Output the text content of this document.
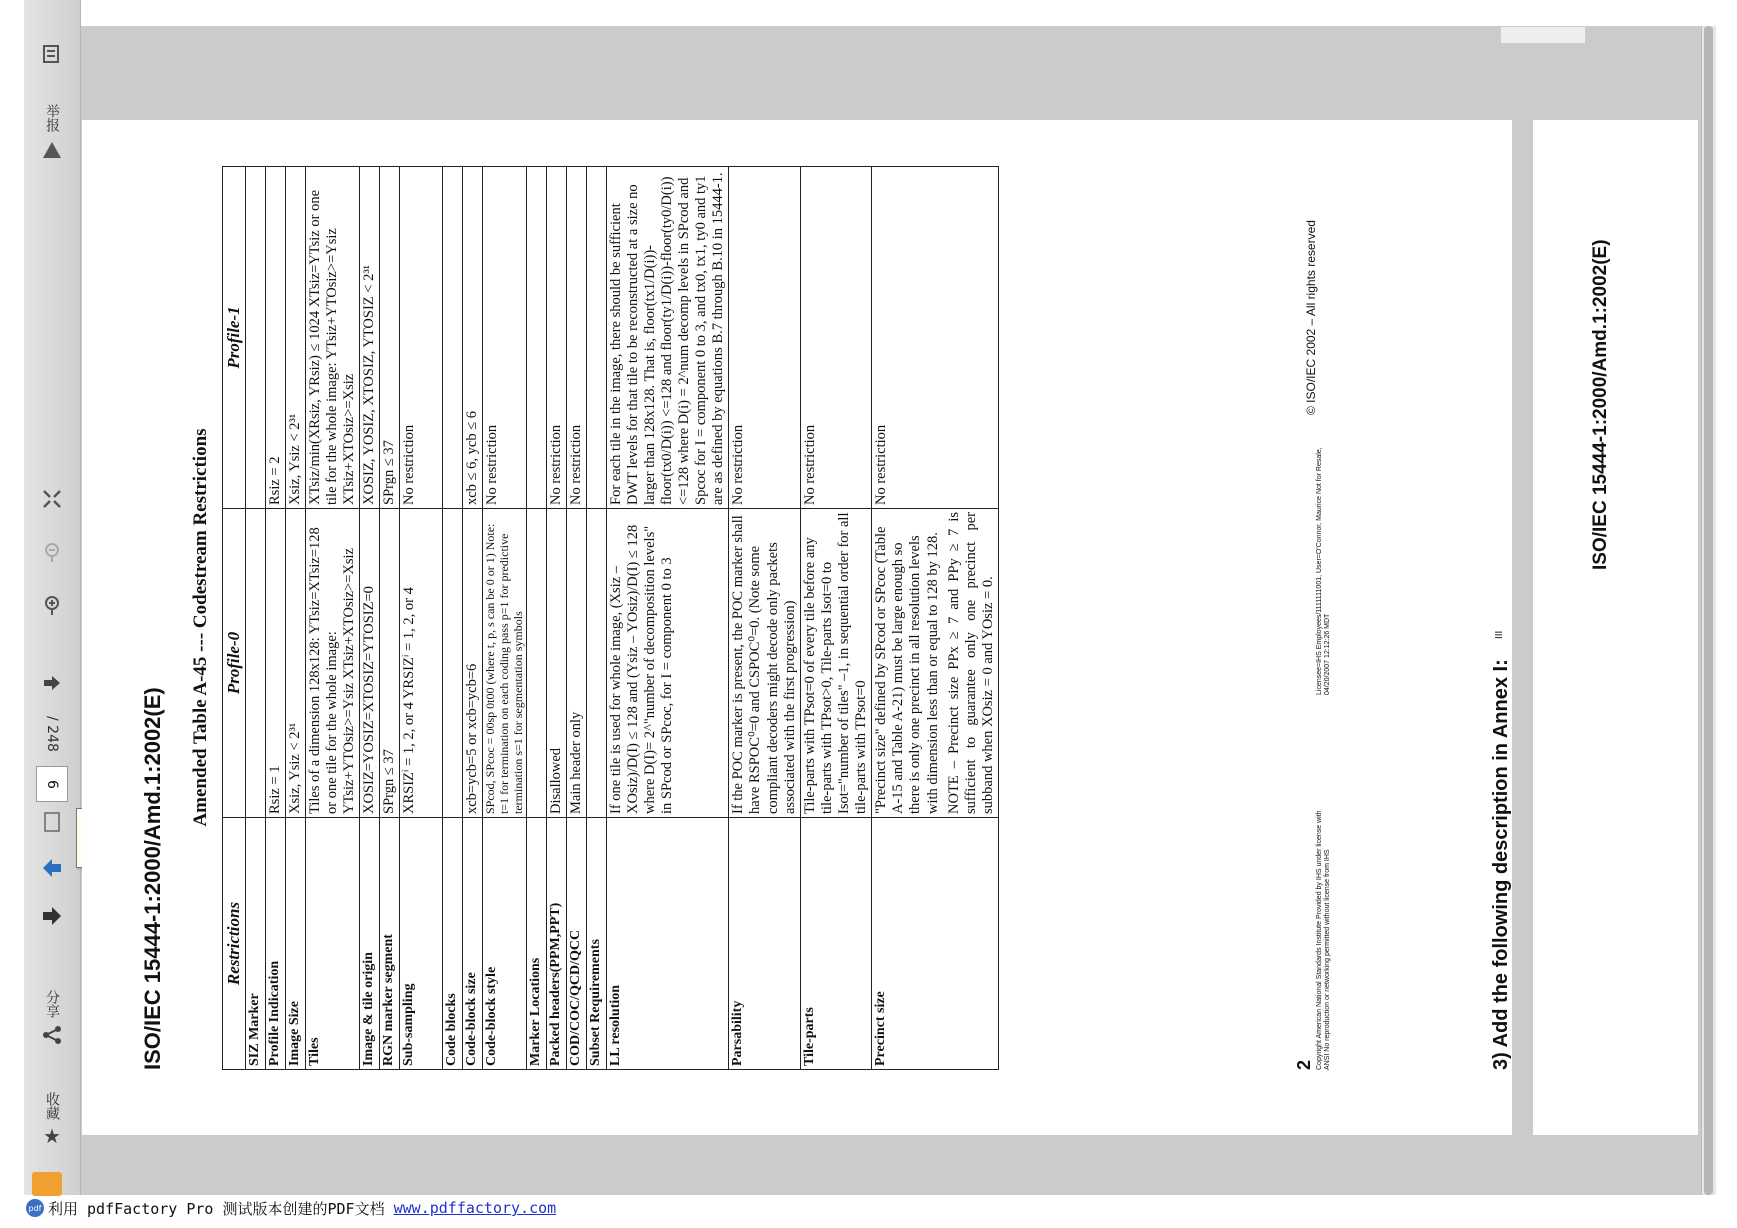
举报
/ 248
6
分享
收藏
★
ISO/IEC 15444-1:2000/Amd.1:2002(E)
Amended Table A-45 --- Codestream Restrictions
Restrictions	Profile-0	Profile-1
SIZ Marker		
Profile Indication	Rsiz = 1	Rsiz = 2
Image Size	Xsiz, Ysiz < 2³¹	Xsiz, Ysiz < 2³¹
Tiles	Tiles of a dimension 128x128: YTsiz=XTsiz=128 or one tile for the whole image: YTsiz+YTOsiz>=Ysiz XTsiz+XTOsiz>=Xsiz	XTsiz/min(XRsiz, YRsiz) ≤ 1024 XTsiz=YTsiz or one tile for the whole image: YTsiz+YTOsiz>=Ysiz XTsiz+XTOsiz>=Xsiz
Image & tile origin	XOSIZ=YOSIZ=XTOSIZ=YTOSIZ=0	XOSIZ, YOSIZ, XTOSIZ, YTOSIZ < 2³¹
RGN marker segment	SPrgn ≤ 37	SPrgn ≤ 37
Sub-sampling	XRSIZⁱ = 1, 2, or 4 YRSIZⁱ = 1, 2, or 4	No restriction
Code blocks		
Code-block size	xcb=ycb=5 or xcb=ycb=6	xcb ≤ 6, ycb ≤ 6
Code-block style	SPcod, SPcoc = 00sp 0t00 (where t, p, s can be 0 or 1) Note: t=1 for termination on each coding pass p=1 for predictive termination s=1 for segmentation symbols	No restriction
Marker Locations		
Packed headers(PPM,PPT)	Disallowed	No restriction
COD/COC/QCD/QCC	Main header only	No restriction
Subset Requirements		
LL resolution	If one tile is used for whole image, (Xsiz – XOsiz)/D(I) ≤ 128 and (Ysiz – YOsiz)/D(I) ≤ 128 where D(I)= 2^"number of decomposition levels" in SPcod or SPcoc, for I = component 0 to 3	For each tile in the image, there should be sufficient DWT levels for that tile to be reconstructed at a size no larger than 128x128. That is, floor(tx1/D(i))-floor(tx0/D(i)) <=128 and floor(ty1/D(i))-floor(ty0/D(i)) <=128 where D(i) = 2^num decomp levels in SPcod and Spcoc for I = component 0 to 3, and tx0, tx1, ty0 and ty1 are as defined by equations B.7 through B.10 in 15444-1.
Parsability	If the POC marker is present, the POC marker shall have RSPOC⁰=0 and CSPOC⁰=0. (Note some compliant decoders might decode only packets associated with the first progression)	No restriction
Tile-parts	Tile-parts with TPsot=0 of every tile before any tile-parts with TPsot>0, Tile-parts Isot=0 to Isot="number of tiles" –1, in sequential order for all tile-parts with TPsot=0	No restriction
Precinct size	"Precinct size" defined by SPcod or SPcoc (Table A-15 and Table A-21) must be large enough so there is only one precinct in all resolution levels with dimension less than or equal to 128 by 128. NOTE – Precinct size PPx ≥ 7 and PPy ≥ 7 is sufficient to guarantee only one precinct per subband when XOsiz = 0 and YOsiz = 0.	No restriction
2 Copyright American National Standards Institute Provided by IHS under license with ANSI No reproduction or networking permitted without license from IHS
Licensee=IHS Employees/1111111001, User=O'Connor, Maurice Not for Resale, 04/20/2007 12:12:26 MDT
© ISO/IEC 2002 – All rights reserved
3) Add the following description in Annex I:
III
ISO/IEC 15444-1:2000/Amd.1:2002(E)
pdf 利用 pdfFactory Pro 测试版本创建的PDF文档
www.pdffactory.com
